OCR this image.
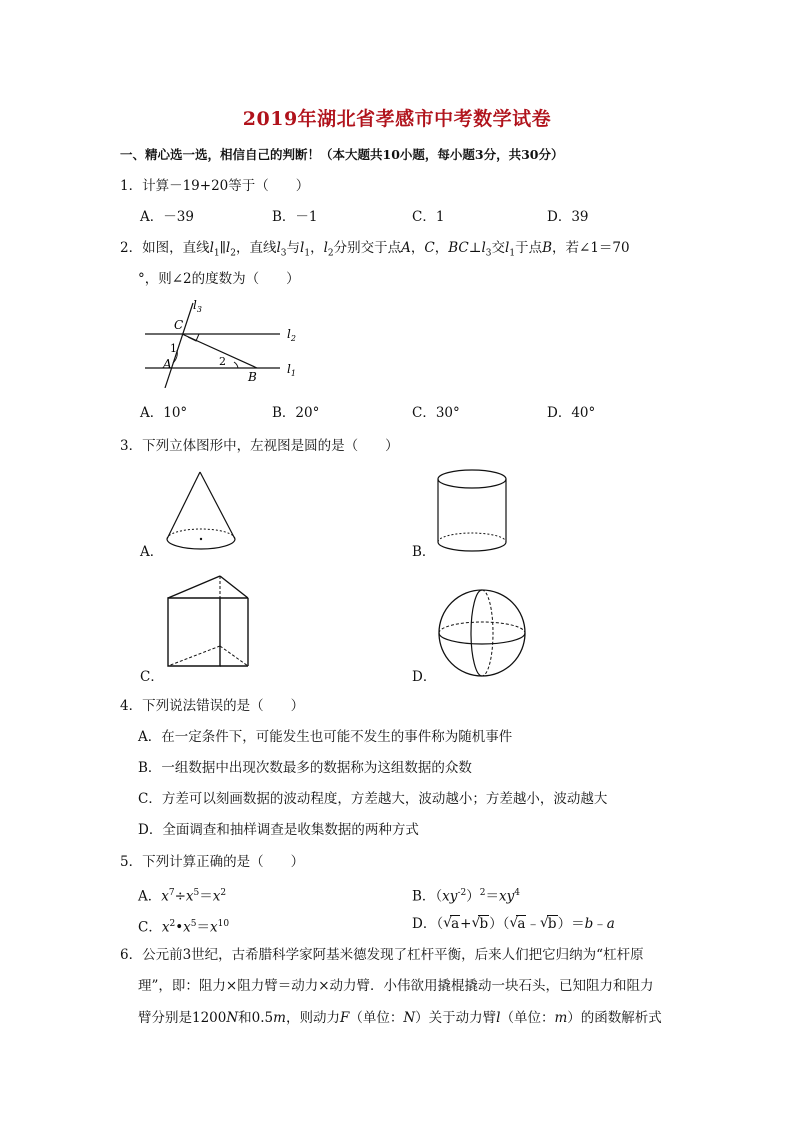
2019年湖北省孝感市中考数学试卷
一、精心选一选，相信自己的判断！（本大题共10小题，每小题3分，共30分）
1．计算－19+20等于（　　）
A．－39	B．－1	C．1	D．39
2．如图，直线$l_1\parallel l_2$，直线$l_3$与$l_1$，$l_2$分别交于点A，C，$BC\perp l_3$交$l_1$于点B，若∠1＝70
°，则∠2的度数为（　　）
$l_3$
$l_2$
$l_1$
C
A
B
1
2
A．10°	B．20°	C．30°	D．40°
3．下列立体图形中，左视图是圆的是（　　）
A．	B．
C．	D．
4．下列说法错误的是（　　）
A．在一定条件下，可能发生也可能不发生的事件称为随机事件
B．一组数据中出现次数最多的数据称为这组数据的众数
C．方差可以刻画数据的波动程度，方差越大，波动越小；方差越小，波动越大
D．全面调查和抽样调查是收集数据的两种方式
5．下列计算正确的是（　　）
A．$x^7\div x^5=x^2$	B．$(xy^{-2})^2=xy^4$
C．$x^2•x^5=x^{10}$	D．（ √ a+ √ b）（ √ a﹣ √ b）＝b﹣a
6．公元前3世纪，古希腊科学家阿基米德发现了杠杆平衡，后来人们把它归纳为“杠杆原
理”，即：阻力×阻力臂＝动力×动力臂．小伟欲用撬棍撬动一块石头，已知阻力和阻力
臂分别是1200N和0.5m，则动力F（单位：N）关于动力臂l（单位：m）的函数解析式
